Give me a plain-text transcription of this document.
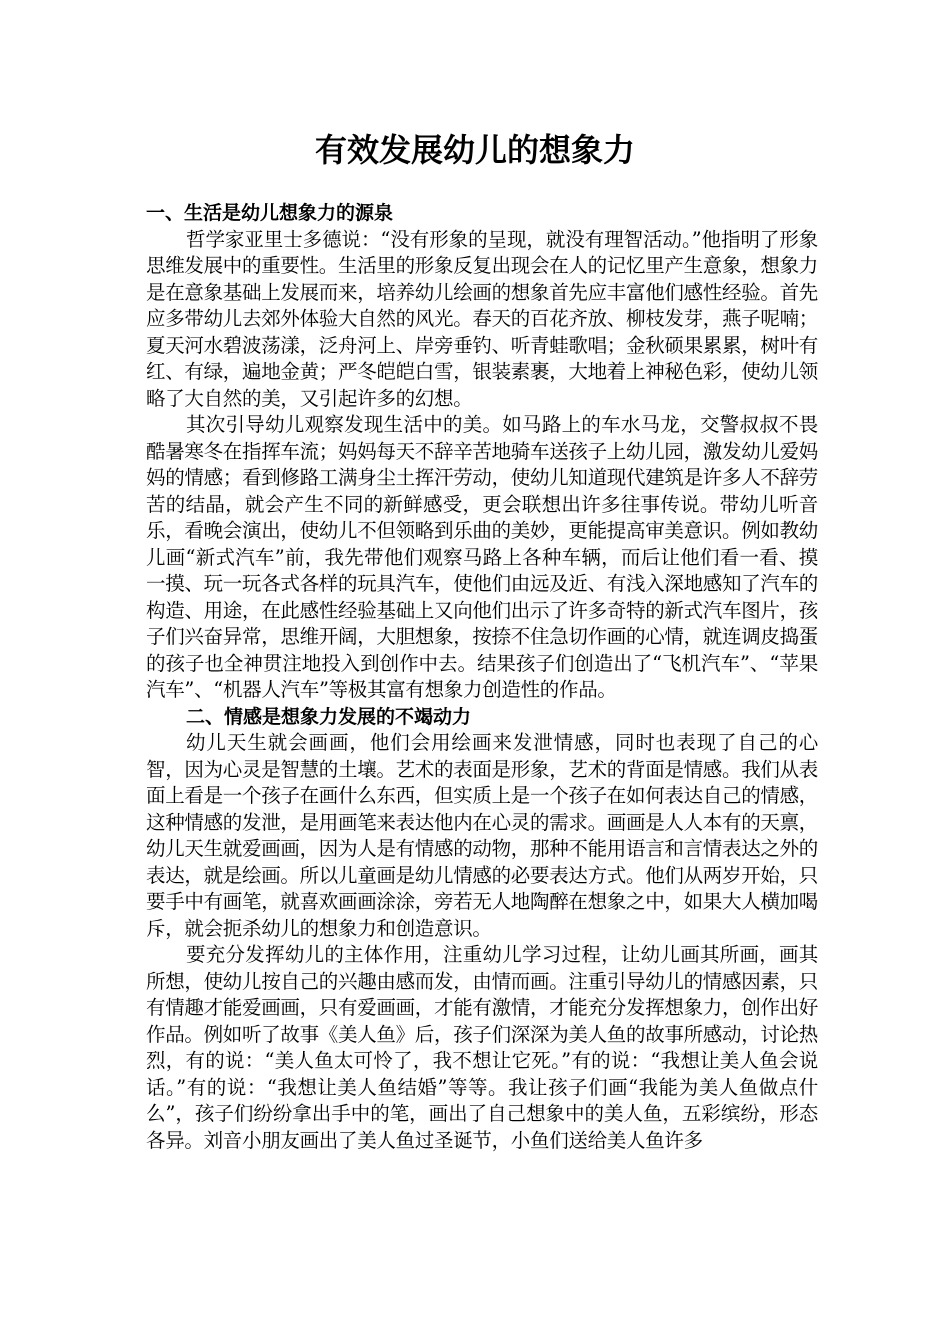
有效发展幼儿的想象力
一、生活是幼儿想象力的源泉

哲学家亚里士多德说：“没有形象的呈现，就没有理智活动。”他指明了形象思维发展中的重要性。生活里的形象反复出现会在人的记忆里产生意象，想象力是在意象基础上发展而来，培养幼儿绘画的想象首先应丰富他们感性经验。首先应多带幼儿去郊外体验大自然的风光。春天的百花齐放、柳枝发芽，燕子呢喃；夏天河水碧波荡漾，泛舟河上、岸旁垂钓、听青蛙歌唱；金秋硕果累累，树叶有红、有绿，遍地金黄；严冬皑皑白雪，银装素裹，大地着上神秘色彩，使幼儿领略了大自然的美，又引起许多的幻想。

其次引导幼儿观察发现生活中的美。如马路上的车水马龙，交警叔叔不畏酷暑寒冬在指挥车流；妈妈每天不辞辛苦地骑车送孩子上幼儿园，激发幼儿爱妈妈的情感；看到修路工满身尘土挥汗劳动，使幼儿知道现代建筑是许多人不辞劳苦的结晶，就会产生不同的新鲜感受，更会联想出许多往事传说。带幼儿听音乐，看晚会演出，使幼儿不但领略到乐曲的美妙，更能提高审美意识。例如教幼儿画“新式汽车”前，我先带他们观察马路上各种车辆，而后让他们看一看、摸一摸、玩一玩各式各样的玩具汽车，使他们由远及近、有浅入深地感知了汽车的构造、用途，在此感性经验基础上又向他们出示了许多奇特的新式汽车图片，孩子们兴奋异常，思维开阔，大胆想象，按捺不住急切作画的心情，就连调皮捣蛋的孩子也全神贯注地投入到创作中去。结果孩子们创造出了“飞机汽车”、“苹果汽车”、“机器人汽车”等极其富有想象力创造性的作品。

二、情感是想象力发展的不竭动力

幼儿天生就会画画，他们会用绘画来发泄情感，同时也表现了自己的心智，因为心灵是智慧的土壤。艺术的表面是形象，艺术的背面是情感。我们从表面上看是一个孩子在画什么东西，但实质上是一个孩子在如何表达自己的情感，这种情感的发泄，是用画笔来表达他内在心灵的需求。画画是人人本有的天禀，幼儿天生就爱画画，因为人是有情感的动物，那种不能用语言和言情表达之外的表达，就是绘画。所以儿童画是幼儿情感的必要表达方式。他们从两岁开始，只要手中有画笔，就喜欢画画涂涂，旁若无人地陶醉在想象之中，如果大人横加喝斥，就会扼杀幼儿的想象力和创造意识。

要充分发挥幼儿的主体作用，注重幼儿学习过程，让幼儿画其所画，画其所想，使幼儿按自己的兴趣由感而发，由情而画。注重引导幼儿的情感因素，只有情趣才能爱画画，只有爱画画，才能有激情，才能充分发挥想象力，创作出好作品。例如听了故事《美人鱼》后，孩子们深深为美人鱼的故事所感动，讨论热烈，有的说：“美人鱼太可怜了，我不想让它死。”有的说：“我想让美人鱼会说话。”有的说：“我想让美人鱼结婚”等等。我让孩子们画“我能为美人鱼做点什么”，孩子们纷纷拿出手中的笔，画出了自己想象中的美人鱼，五彩缤纷，形态各异。刘音小朋友画出了美人鱼过圣诞节，小鱼们送给美人鱼许多
